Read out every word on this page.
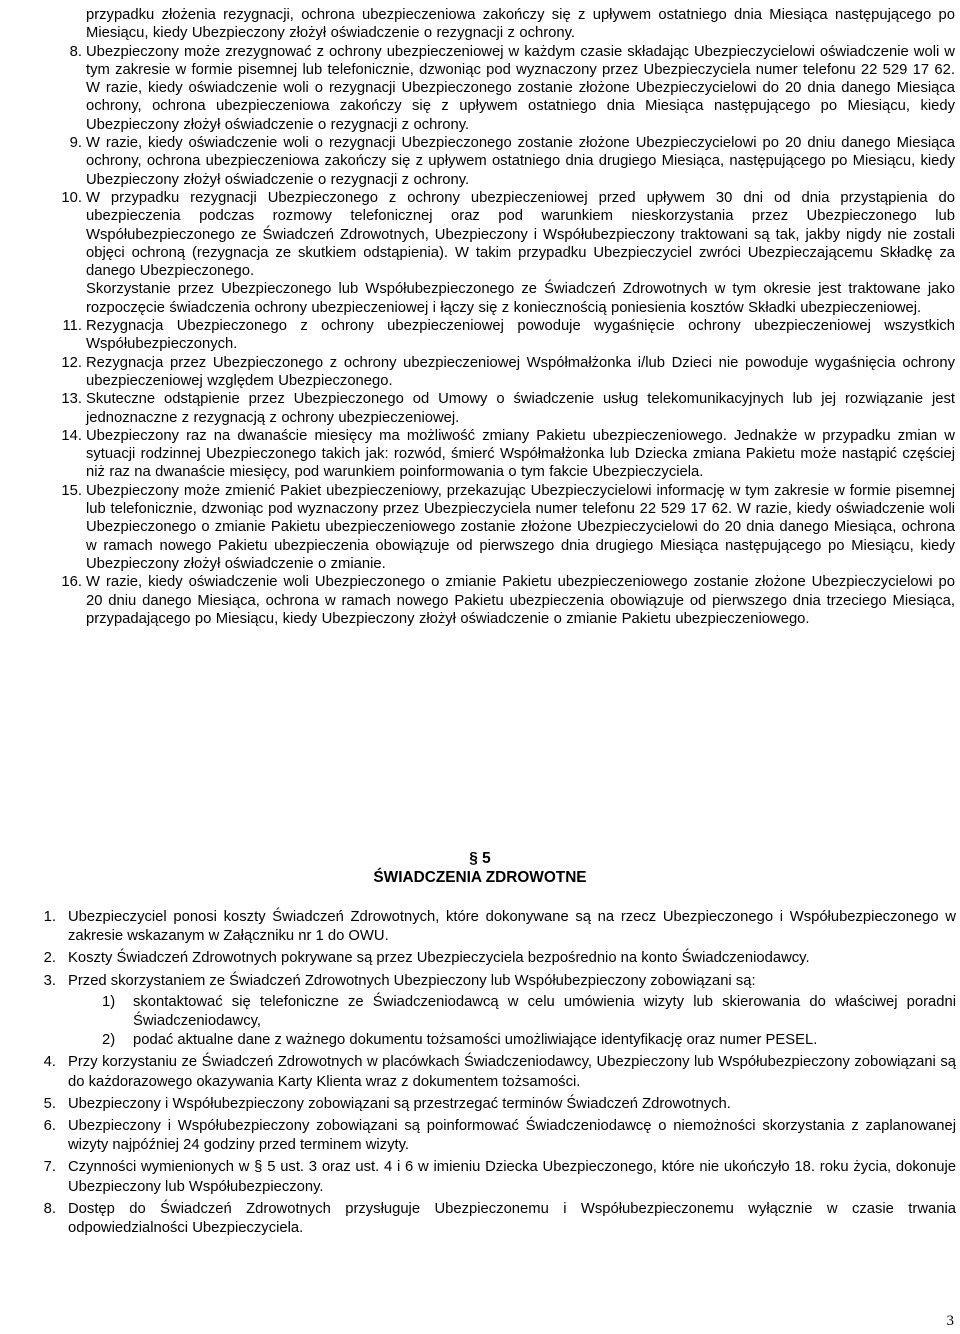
przypadku złożenia rezygnacji, ochrona ubezpieczeniowa zakończy się z upływem ostatniego dnia Miesiąca następującego po Miesiącu, kiedy Ubezpieczony złożył oświadczenie o rezygnacji z ochrony.
8. Ubezpieczony może zrezygnować z ochrony ubezpieczeniowej w każdym czasie składając Ubezpieczycielowi oświadczenie woli w tym zakresie w formie pisemnej lub telefonicznie, dzwoniąc pod wyznaczony przez Ubezpieczyciela numer telefonu 22 529 17 62. W razie, kiedy oświadczenie woli o rezygnacji Ubezpieczonego zostanie złożone Ubezpieczycielowi do 20 dnia danego Miesiąca ochrony, ochrona ubezpieczeniowa zakończy się z upływem ostatniego dnia Miesiąca następującego po Miesiącu, kiedy Ubezpieczony złożył oświadczenie o rezygnacji z ochrony.
9. W razie, kiedy oświadczenie woli o rezygnacji Ubezpieczonego zostanie złożone Ubezpieczycielowi po 20 dniu danego Miesiąca ochrony, ochrona ubezpieczeniowa zakończy się z upływem ostatniego dnia drugiego Miesiąca, następującego po Miesiącu, kiedy Ubezpieczony złożył oświadczenie o rezygnacji z ochrony.
10. W przypadku rezygnacji Ubezpieczonego z ochrony ubezpieczeniowej przed upływem 30 dni od dnia przystąpienia do ubezpieczenia podczas rozmowy telefonicznej oraz pod warunkiem nieskorzystania przez Ubezpieczonego lub Współubezpieczonego ze Świadczeń Zdrowotnych, Ubezpieczony i Współubezpieczony traktowani są tak, jakby nigdy nie zostali objęci ochroną (rezygnacja ze skutkiem odstąpienia). W takim przypadku Ubezpieczyciel zwróci Ubezpieczającemu Składkę za danego Ubezpieczonego.
Skorzystanie przez Ubezpieczonego lub Współubezpieczonego ze Świadczeń Zdrowotnych w tym okresie jest traktowane jako rozpoczęcie świadczenia ochrony ubezpieczeniowej i łączy się z koniecznością poniesienia kosztów Składki ubezpieczeniowej.
11. Rezygnacja Ubezpieczonego z ochrony ubezpieczeniowej powoduje wygaśnięcie ochrony ubezpieczeniowej wszystkich Współubezpieczonych.
12. Rezygnacja przez Ubezpieczonego z ochrony ubezpieczeniowej Współmałżonka i/lub Dzieci nie powoduje wygaśnięcia ochrony ubezpieczeniowej względem Ubezpieczonego.
13. Skuteczne odstąpienie przez Ubezpieczonego od Umowy o świadczenie usług telekomunikacyjnych lub jej rozwiązanie jest jednoznaczne z rezygnacją z ochrony ubezpieczeniowej.
14. Ubezpieczony raz na dwanaście miesięcy ma możliwość zmiany Pakietu ubezpieczeniowego. Jednakże w przypadku zmian w sytuacji rodzinnej Ubezpieczonego takich jak: rozwód, śmierć Współmałżonka lub Dziecka zmiana Pakietu może nastąpić częściej niż raz na dwanaście miesięcy, pod warunkiem poinformowania o tym fakcie Ubezpieczyciela.
15. Ubezpieczony może zmienić Pakiet ubezpieczeniowy, przekazując Ubezpieczycielowi informację w tym zakresie w formie pisemnej lub telefonicznie, dzwoniąc pod wyznaczony przez Ubezpieczyciela numer telefonu 22 529 17 62. W razie, kiedy oświadczenie woli Ubezpieczonego o zmianie Pakietu ubezpieczeniowego zostanie złożone Ubezpieczycielowi do 20 dnia danego Miesiąca, ochrona w ramach nowego Pakietu ubezpieczenia obowiązuje od pierwszego dnia drugiego Miesiąca następującego po Miesiącu, kiedy Ubezpieczony złożył oświadczenie o zmianie.
16. W razie, kiedy oświadczenie woli Ubezpieczonego o zmianie Pakietu ubezpieczeniowego zostanie złożone Ubezpieczycielowi po 20 dniu danego Miesiąca, ochrona w ramach nowego Pakietu ubezpieczenia obowiązuje od pierwszego dnia trzeciego Miesiąca, przypadającego po Miesiącu, kiedy Ubezpieczony złożył oświadczenie o zmianie Pakietu ubezpieczeniowego.
§ 5
ŚWIADCZENIA ZDROWOTNE
1. Ubezpieczyciel ponosi koszty Świadczeń Zdrowotnych, które dokonywane są na rzecz Ubezpieczonego i Współubezpieczonego w zakresie wskazanym w Załączniku nr 1 do OWU.
2. Koszty Świadczeń Zdrowotnych pokrywane są przez Ubezpieczyciela bezpośrednio na konto Świadczeniodawcy.
3. Przed skorzystaniem ze Świadczeń Zdrowotnych Ubezpieczony lub Współubezpieczony zobowiązani są:
1) skontaktować się telefoniczne ze Świadczeniodawcą w celu umówienia wizyty lub skierowania do właściwej poradni Świadczeniodawcy,
2) podać aktualne dane z ważnego dokumentu tożsamości umożliwiające identyfikację oraz numer PESEL.
4. Przy korzystaniu ze Świadczeń Zdrowotnych w placówkach Świadczeniodawcy, Ubezpieczony lub Współubezpieczony zobowiązani są do każdorazowego okazywania Karty Klienta wraz z dokumentem tożsamości.
5. Ubezpieczony i Współubezpieczony zobowiązani są przestrzegać terminów Świadczeń Zdrowotnych.
6. Ubezpieczony i Współubezpieczony zobowiązani są poinformować Świadczeniodawcę o niemożności skorzystania z zaplanowanej wizyty najpóźniej 24 godziny przed terminem wizyty.
7. Czynności wymienionych w § 5 ust. 3 oraz ust. 4 i 6 w imieniu Dziecka Ubezpieczonego, które nie ukończyło 18. roku życia, dokonuje Ubezpieczony lub Współubezpieczony.
8. Dostęp do Świadczeń Zdrowotnych przysługuje Ubezpieczonemu i Współubezpieczonemu wyłącznie w czasie trwania odpowiedzialności Ubezpieczyciela.
3
